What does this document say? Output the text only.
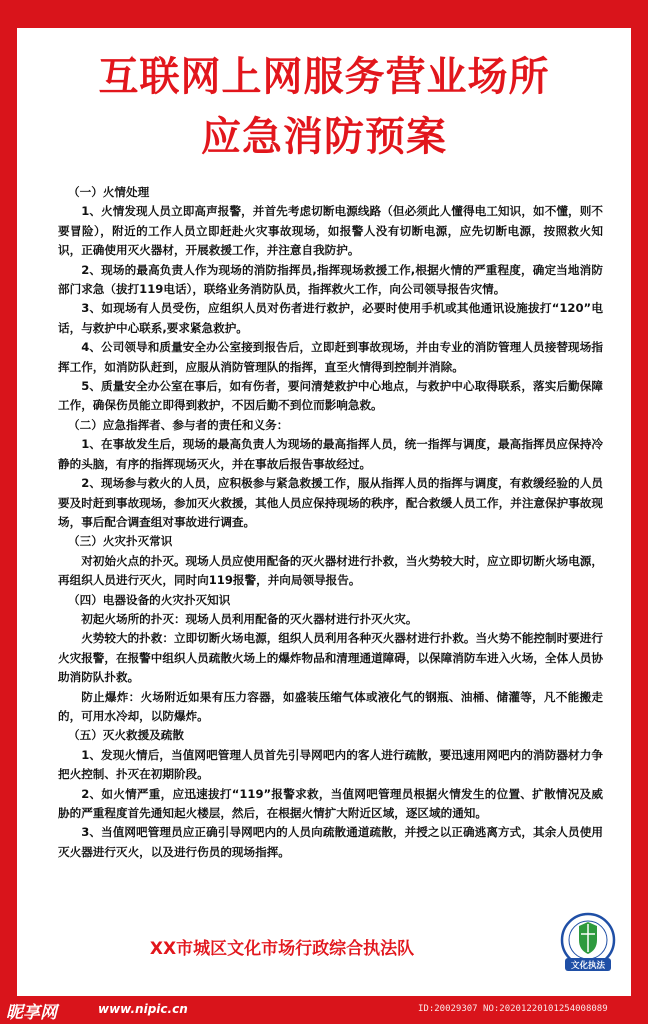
互联网上网服务营业场所
应急消防预案

（一）火情处理

1、火情发现人员立即高声报警，并首先考虑切断电源线路（但必须此人懂得电工知识，如不懂，则不要冒险），附近的工作人员立即赶赴火灾事故现场，如报警人没有切断电源，应先切断电源，按照救火知识，正确使用灭火器材，开展救援工作，并注意自我防护。

2、现场的最高负责人作为现场的消防指挥员,指挥现场救援工作,根据火情的严重程度，确定当地消防部门求急（拔打119电话），联络业务消防队员，指挥救火工作，向公司领导报告灾情。

3、如现场有人员受伤，应组织人员对伤者进行救护，必要时使用手机或其他通讯设施拔打“120”电话，与救护中心联系,要求紧急救护。

4、公司领导和质量安全办公室接到报告后，立即赶到事故现场，并由专业的消防管理人员接替现场指挥工作，如消防队赶到，应服从消防管理队的指挥，直至火情得到控制并消除。

5、质量安全办公室在事后，如有伤者，要问清楚救护中心地点，与救护中心取得联系，落实后勤保障工作，确保伤员能立即得到救护，不因后勤不到位而影响急救。

（二）应急指挥者、参与者的责任和义务：

1、在事故发生后，现场的最高负责人为现场的最高指挥人员，统一指挥与调度，最高指挥员应保持冷静的头脑，有序的指挥现场灭火，并在事故后报告事故经过。

2、现场参与救火的人员，应积极参与紧急救援工作，服从指挥人员的指挥与调度，有救缓经验的人员要及时赶到事故现场，参加灭火救援，其他人员应保持现场的秩序，配合救缓人员工作，并注意保护事故现场，事后配合调查组对事故进行调查。

（三）火灾扑灭常识

对初始火点的扑灭。现场人员应使用配备的灭火器材进行扑救，当火势较大时，应立即切断火场电源，再组织人员进行灭火，同时向119报警，并向局领导报告。

（四）电器设备的火灾扑灭知识

初起火场所的扑灭：现场人员利用配备的灭火器材进行扑灭火灾。

火势较大的扑救：立即切断火场电源，组织人员利用各种灭火器材进行扑救。当火势不能控制时要进行火灾报警，在报警中组织人员疏散火场上的爆炸物品和清理通道障碍，以保障消防车进入火场，全体人员协助消防队扑救。

防止爆炸：火场附近如果有压力容器，如盛装压缩气体或液化气的钢瓶、油桶、储灌等，凡不能搬走的，可用水冷却，以防爆炸。

（五）灭火救援及疏散

1、发现火情后，当值网吧管理人员首先引导网吧内的客人进行疏散，要迅速用网吧内的消防器材力争把火控制、扑灭在初期阶段。

2、如火情严重，应迅速拔打“119”报警求救，当值网吧管理员根据火情发生的位置、扩散情况及威胁的严重程度首先通知起火楼层，然后，在根据火情扩大附近区域，逐区域的通知。

3、当值网吧管理员应正确引导网吧内的人员向疏散通道疏散，并授之以正确逃离方式，其余人员使用灭火器进行灭火，以及进行伤员的现场指挥。

XX市城区文化市场行政综合执法队
文化执法
昵享网	www.nipic.cn	ID:20029307 NO:20201220101254008089
